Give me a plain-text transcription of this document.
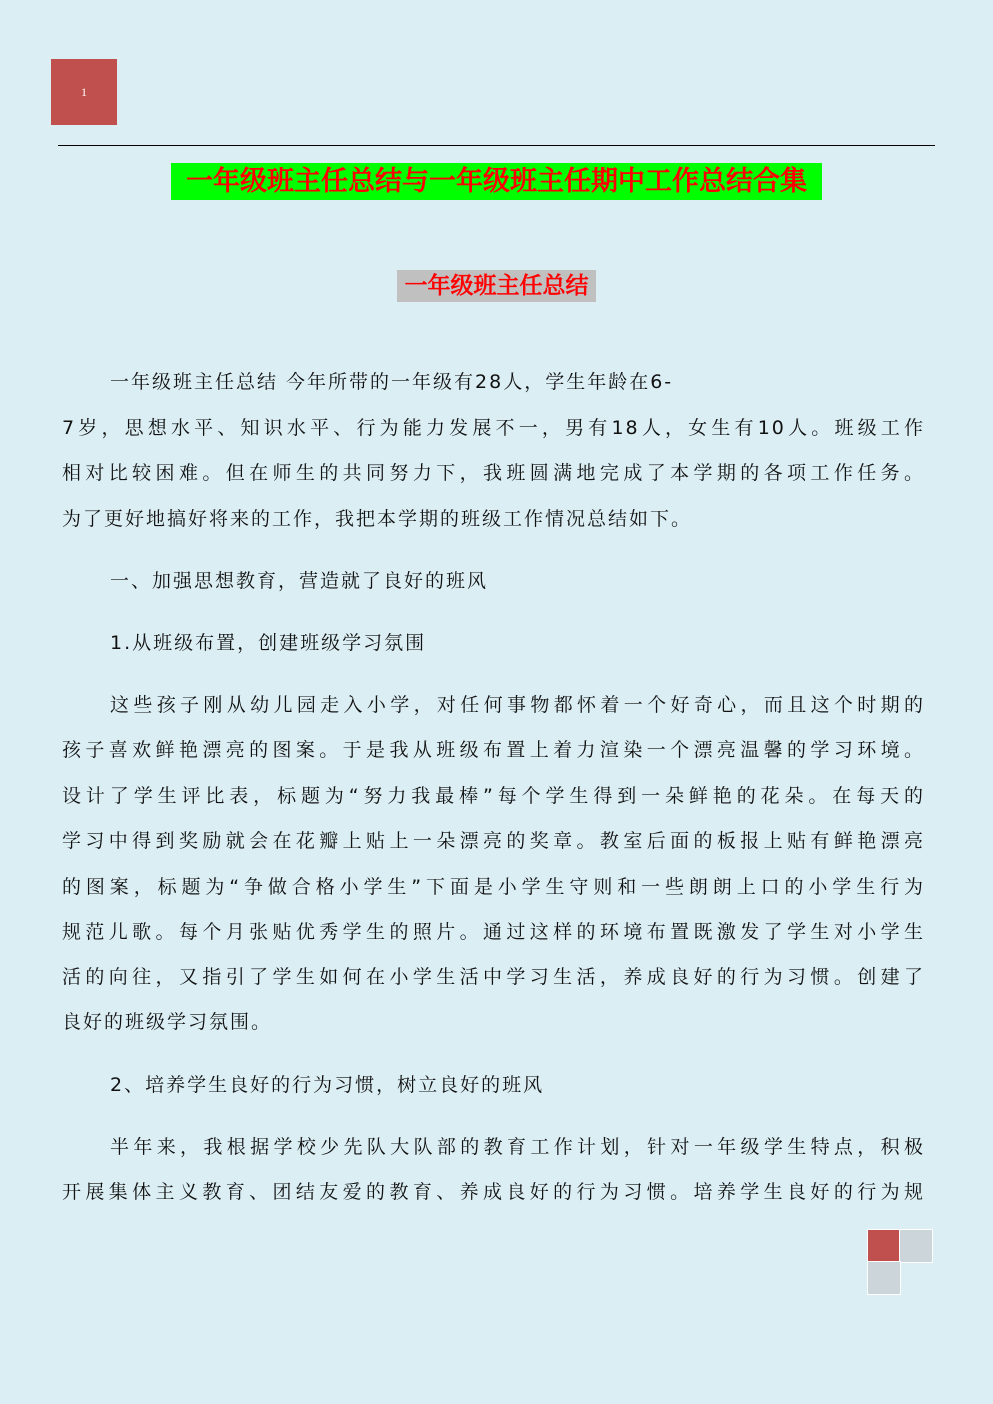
1
一年级班主任总结与一年级班主任期中工作总结合集
一年级班主任总结
一年级班主任总结 今年所带的一年级有28人，学生年龄在6-
7岁，思想水平、知识水平、行为能力发展不一，男有18人，女生有10人。班级工作
相对比较困难。但在师生的共同努力下，我班圆满地完成了本学期的各项工作任务。
为了更好地搞好将来的工作，我把本学期的班级工作情况总结如下。
一、加强思想教育，营造就了良好的班风
1.从班级布置，创建班级学习氛围
这些孩子刚从幼儿园走入小学，对任何事物都怀着一个好奇心，而且这个时期的
孩子喜欢鲜艳漂亮的图案。于是我从班级布置上着力渲染一个漂亮温馨的学习环境。
设计了学生评比表，标题为“努力我最棒”每个学生得到一朵鲜艳的花朵。在每天的
学习中得到奖励就会在花瓣上贴上一朵漂亮的奖章。教室后面的板报上贴有鲜艳漂亮
的图案，标题为“争做合格小学生”下面是小学生守则和一些朗朗上口的小学生行为
规范儿歌。每个月张贴优秀学生的照片。通过这样的环境布置既激发了学生对小学生
活的向往，又指引了学生如何在小学生活中学习生活，养成良好的行为习惯。创建了
良好的班级学习氛围。
2、培养学生良好的行为习惯，树立良好的班风
半年来，我根据学校少先队大队部的教育工作计划，针对一年级学生特点，积极
开展集体主义教育、团结友爱的教育、养成良好的行为习惯。培养学生良好的行为规
